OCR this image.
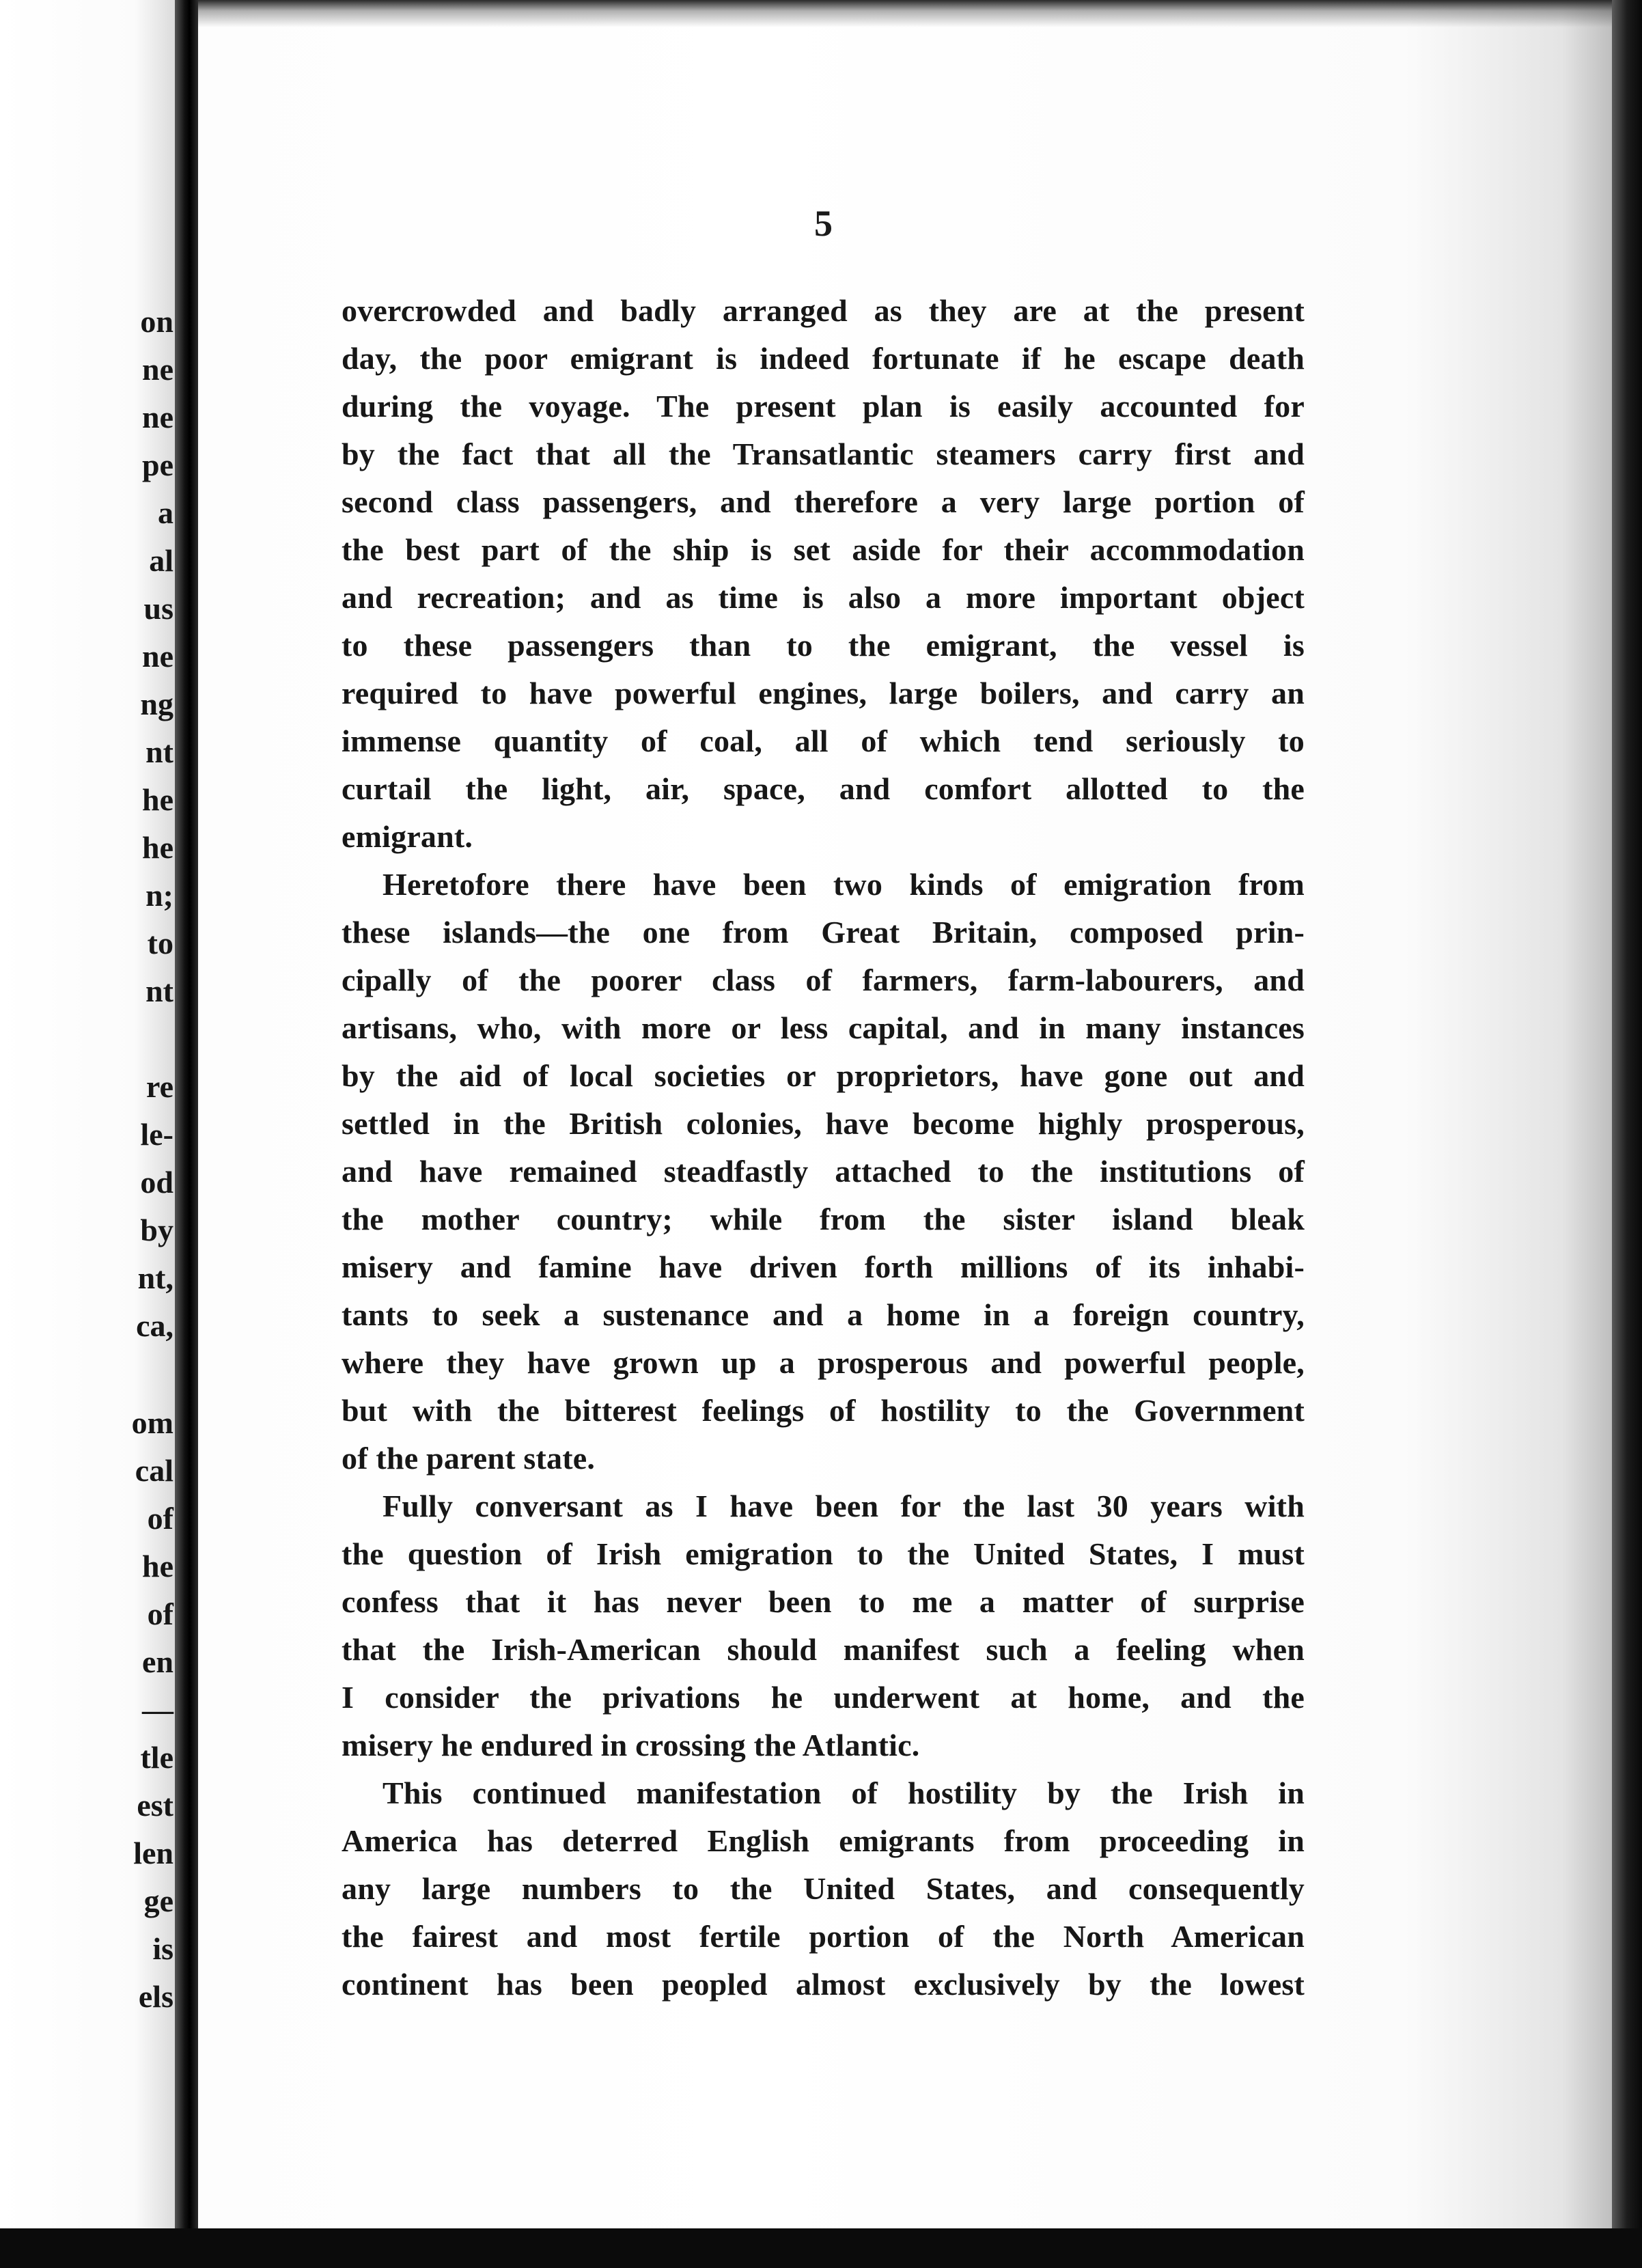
on
ne
ne
pe
a
al
us
ne
ng
nt
he
he
n;
to
nt
re
le-
od
by
nt,
ca,
om
cal
of
he
of
en
—
tle
est
len
ge
is
els
5
overcrowded and badly arranged as they are at the present
day, the poor emigrant is indeed fortunate if he escape death
during the voyage. The present plan is easily accounted for
by the fact that all the Transatlantic steamers carry first and
second class passengers, and therefore a very large portion of
the best part of the ship is set aside for their accommodation
and recreation; and as time is also a more important object
to these passengers than to the emigrant, the vessel is
required to have powerful engines, large boilers, and carry an
immense quantity of coal, all of which tend seriously to
curtail the light, air, space, and comfort allotted to the
emigrant.
Heretofore there have been two kinds of emigration from
these islands—the one from Great Britain, composed prin-
cipally of the poorer class of farmers, farm-labourers, and
artisans, who, with more or less capital, and in many instances
by the aid of local societies or proprietors, have gone out and
settled in the British colonies, have become highly prosperous,
and have remained steadfastly attached to the institutions of
the mother country; while from the sister island bleak
misery and famine have driven forth millions of its inhabi-
tants to seek a sustenance and a home in a foreign country,
where they have grown up a prosperous and powerful people,
but with the bitterest feelings of hostility to the Government
of the parent state.
Fully conversant as I have been for the last 30 years with
the question of Irish emigration to the United States, I must
confess that it has never been to me a matter of surprise
that the Irish-American should manifest such a feeling when
I consider the privations he underwent at home, and the
misery he endured in crossing the Atlantic.
This continued manifestation of hostility by the Irish in
America has deterred English emigrants from proceeding in
any large numbers to the United States, and consequently
the fairest and most fertile portion of the North American
continent has been peopled almost exclusively by the lowest
